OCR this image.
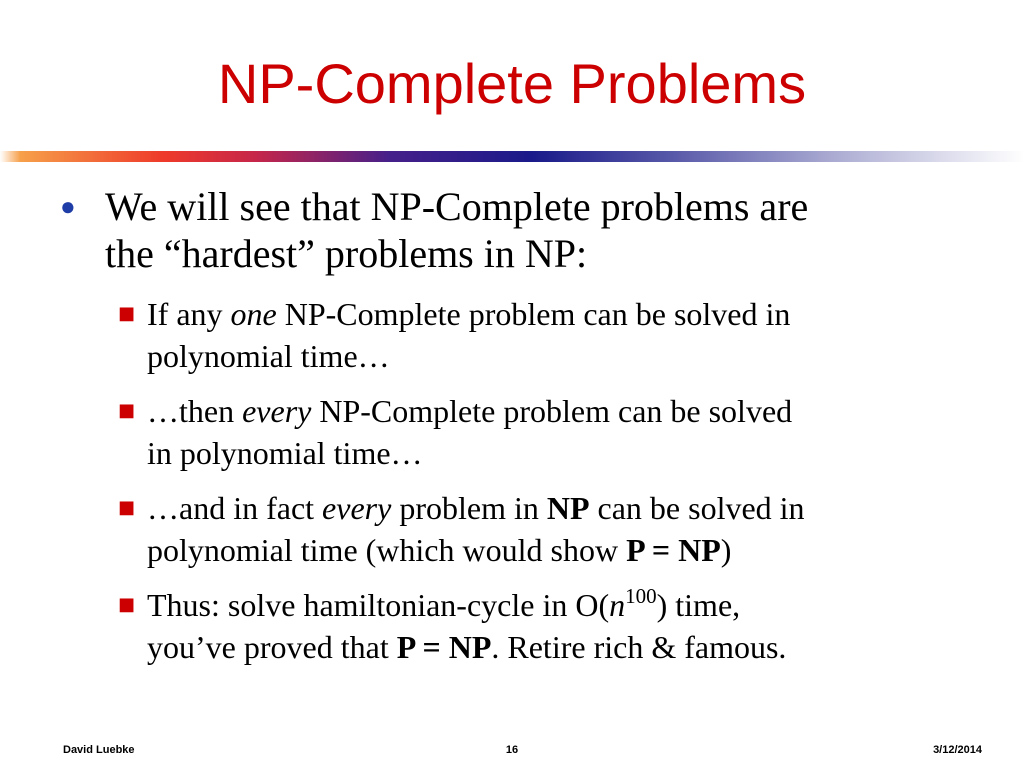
NP-Complete Problems
● We will see that NP-Complete problems are
the “hardest” problems in NP:
■ If any one NP-Complete problem can be solved in
polynomial time…
■ …then every NP-Complete problem can be solved
in polynomial time…
■ …and in fact every problem in NP can be solved in
polynomial time (which would show P = NP)
■ Thus: solve hamiltonian-cycle in $O(n^{100})$ time,
you’ve proved that P = NP. Retire rich & famous.
David Luebke	16	3/12/2014
